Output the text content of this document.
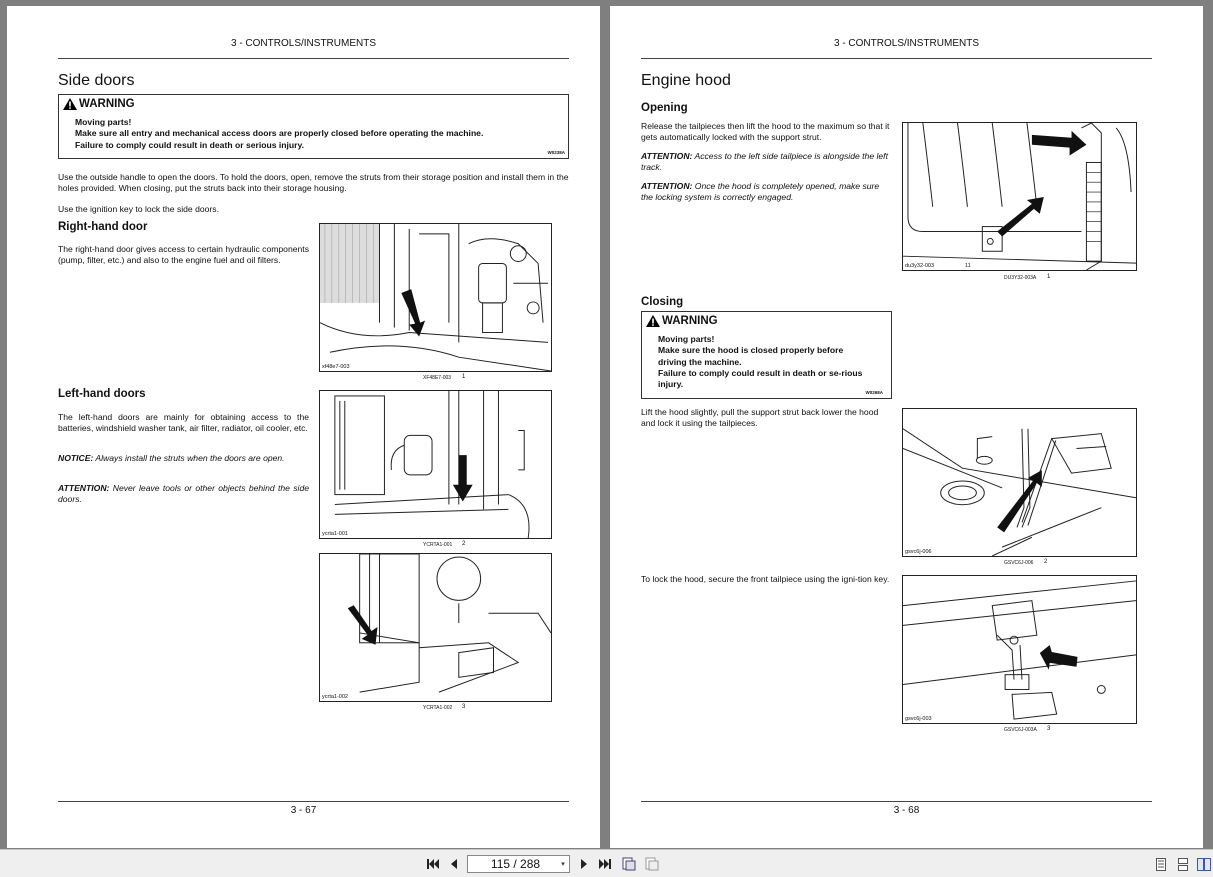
3 - CONTROLS/INSTRUMENTS
Side doors
WARNING
Moving parts!
Make sure all entry and mechanical access doors are properly closed before operating the machine.
Failure to comply could result in death or serious injury.
W0238A
Use the outside handle to open the doors. To hold the doors, open, remove the struts from their storage position and install them in the holes provided. When closing, put the struts back into their storage housing.
Use the ignition key to lock the side doors.
Right-hand door
The right-hand door gives access to certain hydraulic components (pump, filter, etc.) and also to the engine fuel and oil filters.
xf48e7-003
XF48E7-003 1
Left-hand doors
The left-hand doors are mainly for obtaining access to the batteries, windshield washer tank, air filter, radiator, oil cooler, etc.
NOTICE: Always install the struts when the doors are open.
ATTENTION: Never leave tools or other objects behind the side doors.
ycrta1-001
YCRTA1-001 2
ycrta1-002
YCRTA1-002 3
3 - 67
3 - CONTROLS/INSTRUMENTS
Engine hood
Opening
Release the tailpieces then lift the hood to the maximum so that it gets automatically locked with the support strut.
ATTENTION: Access to the left side tailpiece is alongside the left track.
ATTENTION: Once the hood is completely opened, make sure the locking system is correctly engaged.
du3y32-003	11
DU3Y32-003A 1
Closing
WARNING
Moving parts!
Make sure the hood is closed properly before driving the machine.
Failure to comply could result in death or se-rious injury.
W0268A
Lift the hood slightly, pull the support strut back lower the hood and lock it using the tailpieces.
gsvc6j-006
GSVC6J-006 2
To lock the hood, secure the front tailpiece using the igni-tion key.
gsvc6j-003
GSVC6J-003A 3
3 - 68
115 / 288	▾
